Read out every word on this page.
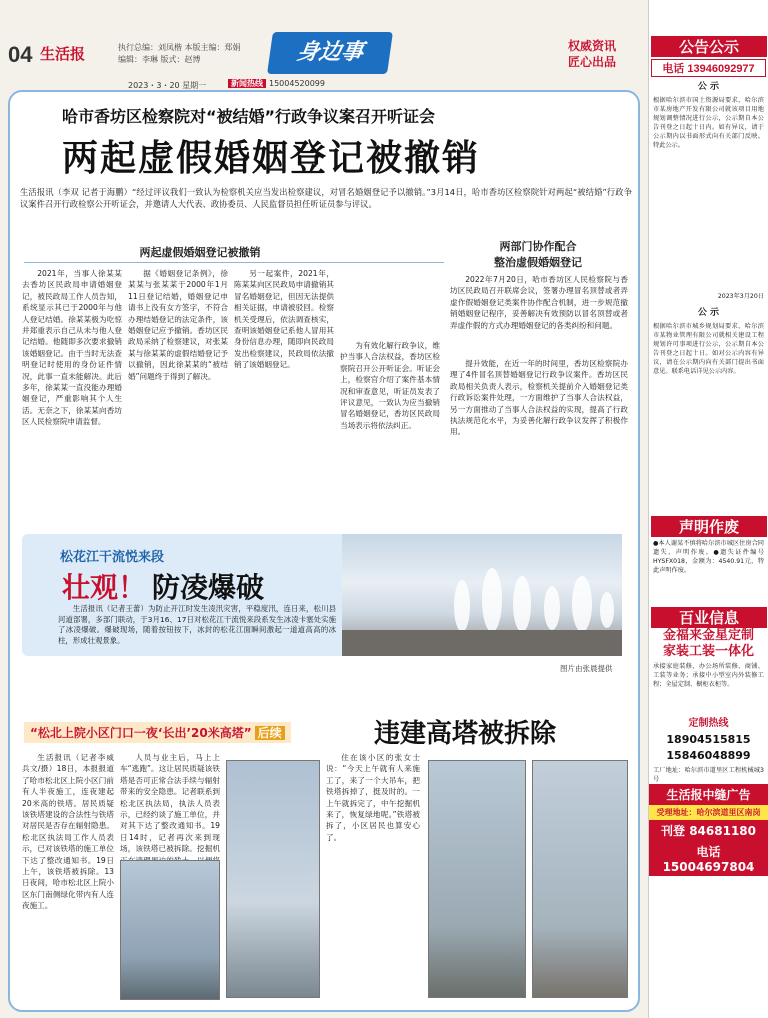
04 生活报	执行总编：刘凤楷 本版主编：郑娟
编辑：李琳 版式：赵博
2023・3・20 星期一	新闻热线 15004520099
身边事	权威资讯
匠心出品
哈市香坊区检察院对“被结婚”行政争议案召开听证会
两起虚假婚姻登记被撤销
生活报讯（李双 记者于海鹏）“经过评议我们一致认为检察机关应当发出检察建议，对冒名婚姻登记予以撤销。”3月14日，哈市香坊区检察院针对两起“被结婚”行政争议案件召开行政检察公开听证会，并邀请人大代表、政协委员、人民监督员担任听证员参与评议。
两起虚假婚姻登记被撤销

2021年，当事人徐某某去香坊区民政局申请婚姻登记，被民政局工作人员告知，系统显示其已于2000年与他人登记结婚。徐某某极为吃惊并郑重表示自己从未与他人登记结婚。他随即多次要求撤销该婚姻登记。由于当时无法查明登记时使用的身份证件情况，此事一直未能解决。此后多年，徐某某一直没能办理婚姻登记，严重影响其个人生活。无奈之下，徐某某向香坊区人民检察院申请监督。

据《婚姻登记条例》，徐某某与张某某于2000年1月11日登记结婚，婚姻登记申请书上没有女方签字，不符合办理结婚登记的法定条件，该婚姻登记应予撤销。香坊区民政局采纳了检察建议，对张某某与徐某某的虚假结婚登记予以撤销，因此徐某某的“被结婚”问题终于得到了解决。

另一起案件，2021年，陈某某向区民政局申请撤销其冒名婚姻登记，但因无法提供相关证据，申请被驳回。检察机关受理后，依法调查核实，查明该婚姻登记系他人冒用其身份信息办理，随即向民政局发出检察建议，民政局依法撤销了该婚姻登记。

为有效化解行政争议，维护当事人合法权益，香坊区检察院召开公开听证会。听证会上，检察官介绍了案件基本情况和审查意见，听证员发表了评议意见，一致认为应当撤销冒名婚姻登记，香坊区民政局当场表示将依法纠正。

两部门协作配合
整治虚假婚姻登记

2022年7月20日，哈市香坊区人民检察院与香坊区民政局召开联席会议，签署办理冒名顶替或者弄虚作假婚姻登记类案件协作配合机制，进一步规范撤销婚姻登记程序，妥善解决有效预防以冒名顶替或者弄虚作假的方式办理婚姻登记的各类纠纷和问题。

提升效能，在近一年的时间里，香坊区检察院办理了4件冒名顶替婚姻登记行政争议案件。香坊区民政局相关负责人表示，检察机关提前介入婚姻登记类行政诉讼案件处理，一方面维护了当事人合法权益，另一方面推动了当事人合法权益的实现，提高了行政执法规范化水平，为妥善化解行政争议发挥了积极作用。

松花江干流悦来段
壮观！ 防凌爆破

生活报讯（记者王蕾）为防止开江时发生凌汛灾害，平稳度汛，连日来，松川县河道部署，多部门联动，于3月16、17日对松花江干流悦来段系发生冰凌卡塞处实施了冰凌爆破。爆破现场，随着按钮按下，冰封的松花江面瞬间激起一道道高高的冰柱，形成壮观景象。

图片由张晨提供
“松北上院小区门口一夜‘长出’20米高塔” 后续	违建高塔被拆除

生活报讯（记者李威 兵文/摄）18日，本报报道了哈市松北区上院小区门前有人半夜施工，连夜建起20米高的铁塔。居民质疑该铁塔建设的合法性与铁塔对居民是否存在辐射隐患。松北区执法局工作人员表示，已对该铁塔的施工单位下达了整改通知书。19日上午，该铁塔被拆除。13日夜间，哈市松北区上院小区东门南侧绿化带内有人连夜施工。

人员与业主后，马上上车“逃跑”。这让居民质疑该铁塔是否可正常合法手续与辐射带来的安全隐患。记者联系到松北区执法局，执法人员表示，已经约谈了施工单位，并对其下达了整改通知书。19日14时，记者再次来到现场，该铁塔已被拆除。挖掘机

住在该小区的张女士说：“今天上午就有人来施工了，来了一个大吊车，把铁塔拆掉了，挺及时的。一上午就拆完了，中午挖掘机来了，恢复绿地呢。”铁塔被拆了，小区居民也算安心了。

公告公示
电话 13946092977
公 示
根据哈尔滨市国土资源局要求，哈尔滨市某房地产开发有限公司就该项目用地规划调整情况进行公示，公示期自本公告刊登之日起十日内。如有异议，请于公示期内以书面形式向有关部门反映。特此公示。
2023年3月20日
公 示
根据哈尔滨市城乡规划局要求，哈尔滨市某物业管理有限公司就相关建设工程规划许可事项进行公示，公示期自本公告刊登之日起十日。如对公示内容有异议，请在公示期内向有关部门提出书面意见。联系电话详见公示内容。
声明作废
●本人谢某不慎将哈尔滨市城区住房合同遗失，声明作废。●遗失证件编号HYSFX018，金额为：4540.91元，特此声明作废。
百业信息
金福来金星定制
家装工装一体化
承接家庭装修、办公场所装修、商铺、工装等业务；承接中小型室内外装修工程；全屋定制、橱柜衣柜等。
定制热线
18904515815
15846048899
工厂地址：哈尔滨市道里区工程机械城3号
生活报中缝广告
受理地址：哈尔滨道里区南岗
刊登 84681180
电话 15004697804
